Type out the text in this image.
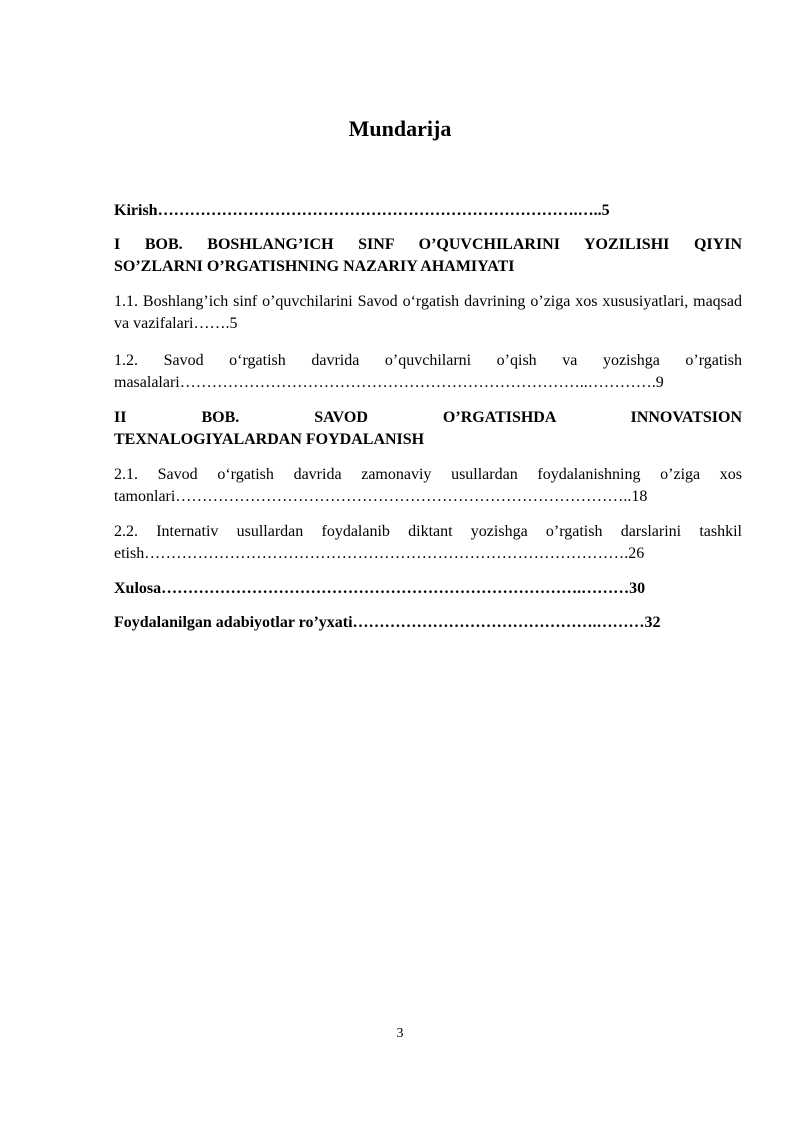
Mundarija

Kirish…………………………………………………………………….…..5

I BOB. BOSHLANG’ICH SINF O’QUVCHILARINI YOZILISHI QIYIN
SO’ZLARNI O’RGATISHNING NAZARIY AHAMIYATI

1.1. Boshlang’ich sinf o’quvchilarini Savod oʻrgatish davrining o’ziga xos xususiyatlari, maqsad va vazifalari…….5

1.2. Savod oʻrgatish davrida o’quvchilarni o’qish va yozishga o’rgatish masalalari…………………………………………………………………..………….9

II BOB. SAVOD O’RGATISHDA INNOVATSION
TEXNALOGIYALARDAN FOYDALANISH

2.1. Savod oʻrgatish davrida zamonaviy usullardan foydalanishning o’ziga xos tamonlari…………………………………………………………………………..18

2.2. Internativ usullardan foydalanib diktant yozishga o’rgatish darslarini tashkil etish……………………………………………………………………………….26

Xulosa…………………………………………………………………….………30

Foydalanilgan adabiyotlar ro’yxati……………………………………….………32

3
